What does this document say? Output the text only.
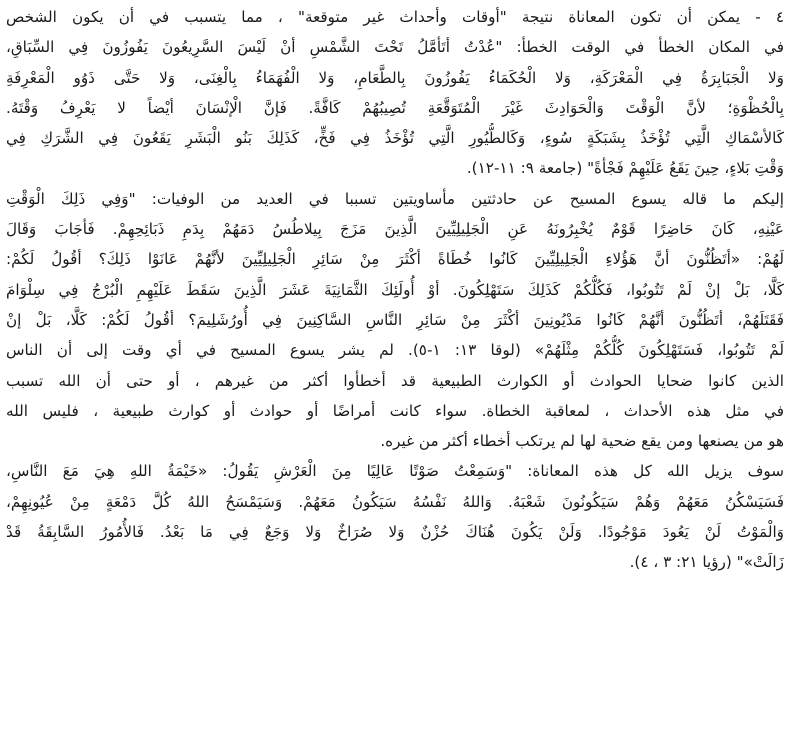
٤ - يمكن أن تكون المعاناة نتيجة "أوقات وأحداث غير متوقعة" ، مما يتسبب في أن يكون الشخص
في المكان الخطأ في الوقت الخطأ: "عُدْتُ أتَأمَّلُ تَحْتَ الشَّمْسِ أنْ لَيْسَ السَّرِيعُونَ يَفُوزُونَ فِي السِّبَاقِ،
وَلا الْجَبَابِرَةُ فِي الْمَعْرَكَةِ، وَلا الْحُكَمَاءُ يَفُوزُونَ بِالطَّعَامِ، وَلا الْفُهَمَاءُ بِالْغِنَى، وَلا حَتَّى ذَوُو الْمَعْرِفَةِ
بِالْحُظْوَةِ؛ لأنَّ الْوَقْتَ وَالْحَوَادِثَ غَيْرَ الْمُتَوَقَّعَةِ تُصِيبُهُمْ كَافَّةً. فَإنَّ الْإنْسَانَ أيْضاً لا يَعْرِفُ وَقْتَهُ.
كَالأسْمَاكِ الَّتِي تُؤْخَذُ بِشَبَكَةٍ سُوءٍ، وَكَالطُّيُورِ الَّتِي تُؤْخَذُ فِي فَخٍّ، كَذَلِكَ بَنُو الْبَشَرِ يَقَعُونَ فِي الشَّرَكِ فِي
وَقْتِ بَلاءٍ، حِينَ يَقَعُ عَلَيْهِمْ فَجْأةً" (جامعة ٩: ١١-١٢).
إليكم ما قاله يسوع المسيح عن حادثتين مأساويتين تسببا في العديد من الوفيات: "وَفِي ذَلِكَ الْوَقْتِ
عَيْنِهِ، كَانَ حَاضِرًا قَوْمٌ يُخْبِرُونَهُ عَنِ الْجَلِيلِيِّينَ الَّذِينَ مَزَجَ بِيلاطُسُ دَمَهُمْ بِدَمِ ذَبَائِحِهِمْ. فَأجَابَ وَقَالَ
لَهُمْ: «أتَظُنُّونَ أنَّ هَؤُلاءِ الْجَلِيلِيِّينَ كَانُوا خُطَاةً أكْثَرَ مِنْ سَائِرِ الْجَلِيلِيِّينَ لأنَّهُمْ عَانَوْا ذَلِكَ؟ أقُولُ لَكُمْ:
كَلَّا، بَلْ إنْ لَمْ تَتُوبُوا، فَكُلُّكُمْ كَذَلِكَ سَتَهْلِكُونَ. أوْ أُولَئِكَ الثَّمَانِيَةَ عَشَرَ الَّذِينَ سَقَطَ عَلَيْهِمِ الْبُرْجُ فِي سِلْوَامَ
فَقَتَلَهُمْ، أتَظُنُّونَ أنَّهُمْ كَانُوا مَدْيُونِينَ أكْثَرَ مِنْ سَائِرِ النَّاسِ السَّاكِنِينَ فِي أُورُشَلِيمَ؟ أقُولُ لَكُمْ: كَلَّا، بَلْ إنْ
لَمْ تَتُوبُوا، فَسَتَهْلِكُونَ كُلُّكُمْ مِثْلَهُمْ» (لوقا ١٣: ١-٥). لم يشر يسوع المسيح في أي وقت إلى أن الناس
الذين كانوا ضحايا الحوادث أو الكوارث الطبيعية قد أخطأوا أكثر من غيرهم ، أو حتى أن الله تسبب
في مثل هذه الأحداث ، لمعاقبة الخطاة. سواء كانت أمراضًا أو حوادث أو كوارث طبيعية ، فليس الله
هو من يصنعها ومن يقع ضحية لها لم يرتكب أخطاء أكثر من غيره.
سوف يزيل الله كل هذه المعاناة: "وَسَمِعْتُ صَوْتًا عَالِيًا مِنَ الْعَرْشِ يَقُولُ: «خَيْمَةُ اللهِ هِيَ مَعَ النَّاسِ،
فَسَيَسْكُنُ مَعَهُمْ وَهُمْ سَيَكُونُونَ شَعْبَهُ. وَاللهُ نَفْسُهُ سَيَكُونُ مَعَهُمْ. وَسَيَمْسَحُ اللهُ كُلَّ دَمْعَةٍ مِنْ عُيُونِهِمْ،
وَالْمَوْتُ لَنْ يَعُودَ مَوْجُودًا. وَلَنْ يَكُونَ هُنَاكَ حُزْنٌ وَلا صُرَاخٌ وَلا وَجَعٌ فِي مَا بَعْدُ. فَالأُمُورُ السَّابِقَةُ قَدْ
زَالَتْ»" (رؤيا ٢١: ٣ ، ٤).
